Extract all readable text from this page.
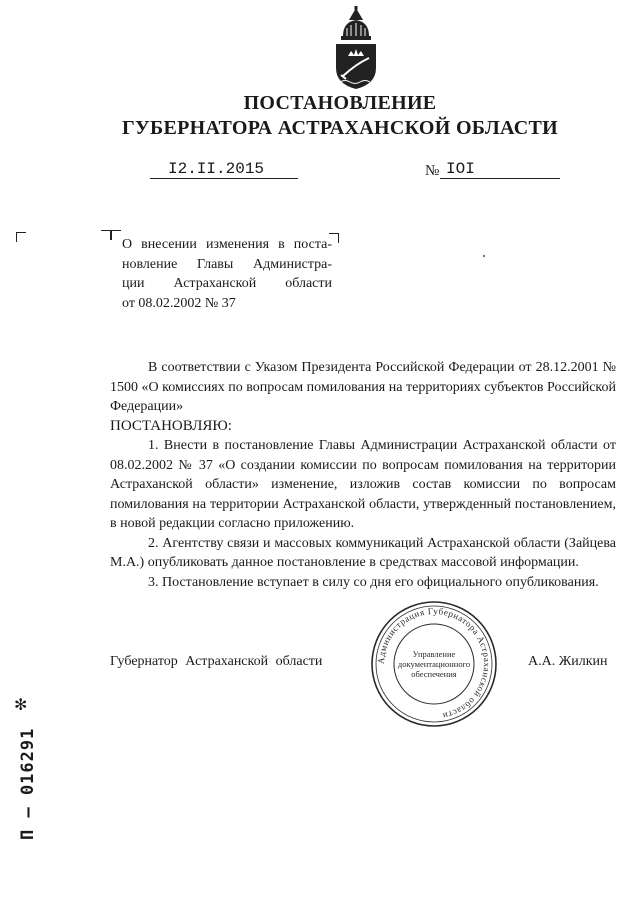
ПОСТАНОВЛЕНИЕ
ГУБЕРНАТОРА АСТРАХАНСКОЙ ОБЛАСТИ
I2.II.2015	№ IOI

О внесении изменения в поста-

новление Главы Администра-

ции Астраханской области

от 08.02.2002 № 37

В соответствии с Указом Президента Российской Федерации от 28.12.2001 № 1500 «О комиссиях по вопросам помилования на территориях субъектов Российской Федерации»

ПОСТАНОВЛЯЮ:

1. Внести в постановление Главы Администрации Астраханской области от 08.02.2002 № 37 «О создании комиссии по вопросам помилования на территории Астраханской области» изменение, изложив состав комиссии по вопросам помилования на территории Астраханской области, утвержденный постановлением, в новой редакции согласно приложению.

2. Агентству связи и массовых коммуникаций Астраханской области (Зайцева М.А.) опубликовать данное постановление в средствах массовой информации.

3. Постановление вступает в силу со дня его официального опубликования.

Губернатор Астраханской области	А.А. Жилкин
Администрация Губернатора Астраханской области
Управление
документационного
обеспечения
✻
П – 016291
